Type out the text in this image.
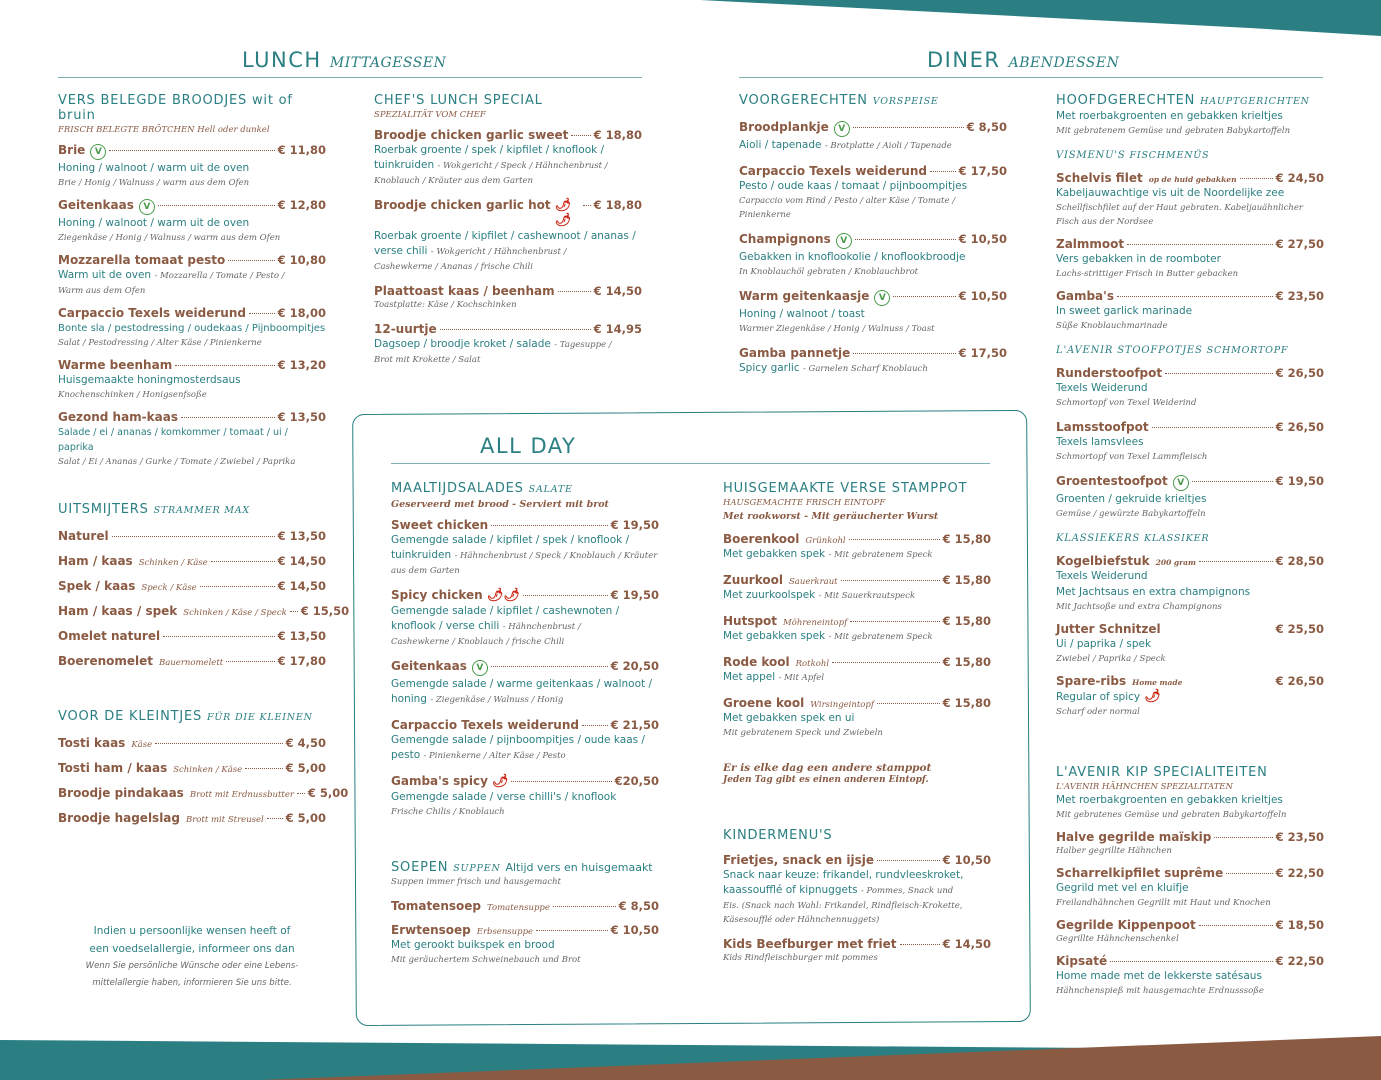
LUNCH MITTAGESSEN	DINER ABENDESSEN
VERS BELEGDE BROODJES wit of bruin
FRISCH BELEGTE BRÖTCHEN Hell oder dunkel
Brie	V	€ 11,80
Honing / walnoot / warm uit de oven
Brie / Honig / Walnuss / warm aus dem Ofen
Geitenkaas	V	€ 12,80
Honing / walnoot / warm uit de oven
Ziegenkäse / Honig / Walnuss / warm aus dem Ofen
Mozzarella tomaat pesto	€ 10,80
Warm uit de oven - Mozzarella / Tomate / Pesto /
Warm aus dem Ofen
Carpaccio Texels weiderund	€ 18,00
Bonte sla / pestodressing / oudekaas / Pijnboompitjes
Salat / Pestodressing / Alter Käse / Pinienkerne
Warme beenham	€ 13,20
Huisgemaakte honingmosterdsaus
Knochenschinken / Honigsenfsoße
Gezond ham-kaas	€ 13,50
Salade / ei / ananas / komkommer / tomaat / ui / paprika
Salat / Ei / Ananas / Gurke / Tomate / Zwiebel / Paprika
UITSMIJTERS STRAMMER MAX
Naturel	€ 13,50
Ham / kaas Schinken / Käse	€ 14,50
Spek / kaas Speck / Käse	€ 14,50
Ham / kaas / spek Schinken / Käse / Speck € 15,50
Omelet naturel	€ 13,50
Boerenomelet Bauernomelett	€ 17,80
VOOR DE KLEINTJES FÜR DIE KLEINEN
Tosti kaas Käse	€ 4,50
Tosti ham / kaas Schinken / Käse	€ 5,00
Broodje pindakaas Brott mit Erdnussbutter € 5,00
Broodje hagelslag Brott mit Streusel € 5,00
Indien u persoonlijke wensen heeft of
een voedselallergie, informeer ons dan
Wenn Sie persönliche Wünsche oder eine Lebens-
mittelallergie haben, informieren Sie uns bitte.
CHEF'S LUNCH SPECIAL
SPEZIALITÄT VOM CHEF
Broodje chicken garlic sweet € 18,80
Roerbak groente / spek / kipfilet / knoflook / tuinkruiden - Wokgericht / Speck / Hähnchenbrust /
Knoblauch / Kräuter aus dem Garten
Broodje chicken garlic hot 🌶🌶
€ 18,80
Roerbak groente / kipfilet / cashewnoot / ananas / verse chili - Wokgericht / Hähnchenbrust /
Cashewkerne / Ananas / frische Chili
Plaattoast kaas / beenham	€ 14,50
Toastplatte: Käse / Kochschinken
12-uurtje	€ 14,95
Dagsoep / broodje kroket / salade - Tagesuppe /
Brot mit Krokette / Salat
ALL DAY
MAALTIJDSALADES SALATE
Geserveerd met brood - Serviert mit brot
Sweet chicken	€ 19,50
Gemengde salade / kipfilet / spek / knoflook / tuinkruiden - Hähnchenbrust / Speck / Knoblauch / Kräuter
aus dem Garten
Spicy chicken 🌶🌶	€ 19,50
Gemengde salade / kipfilet / cashewnoten / knoflook / verse chili - Hähnchenbrust /
Cashewkerne / Knoblauch / frische Chili
Geitenkaas	V	€ 20,50
Gemengde salade / warme geitenkaas / walnoot / honing - Ziegenkäse / Walnuss / Honig
Carpaccio Texels weiderund	€ 21,50
Gemengde salade / pijnboompitjes / oude kaas / pesto - Pinienkerne / Alter Käse / Pesto
Gamba's spicy 🌶	€20,50
Gemengde salade / verse chilli's / knoflook
Frische Chilis / Knoblauch
SOEPEN SUPPEN Altijd vers en huisgemaakt
Suppen immer frisch und hausgemacht
Tomatensoep Tomatensuppe	€ 8,50
Erwtensoep Erbsensuppe	€ 10,50
Met gerookt buikspek en brood
Mit geräuchertem Schweinebauch und Brot
HUISGEMAAKTE VERSE STAMPPOT
HAUSGEMACHTE FRISCH EINTOPF
Met rookworst - Mit geräucherter Wurst
Boerenkool Grünkohl	€ 15,80
Met gebakken spek - Mit gebratenem Speck
Zuurkool Sauerkraut	€ 15,80
Met zuurkoolspek - Mit Sauerkrautspeck
Hutspot Möhreneintopf	€ 15,80
Met gebakken spek - Mit gebratenem Speck
Rode kool Rotkohl	€ 15,80
Met appel - Mit Apfel
Groene kool Wirsingeintopf	€ 15,80
Met gebakken spek en ui
Mit gebratenem Speck und Zwiebeln
Er is elke dag een andere stamppot
Jeden Tag gibt es einen anderen Eintopf.
KINDERMENU'S
Frietjes, snack en ijsje	€ 10,50
Snack naar keuze: frikandel, rundvleeskroket, kaassoufflé of kipnuggets - Pommes, Snack und
Eis. (Snack nach Wahl: Frikandel, Rindfleisch-Krokette, Käsesoufflé oder Hähnchennuggets)
Kids Beefburger met friet	€ 14,50
Kids Rindfleischburger mit pommes
VOORGERECHTEN VORSPEISE
Broodplankje	V	€ 8,50
Aioli / tapenade - Brotplatte / Aioli / Tapenade
Carpaccio Texels weiderund	€ 17,50
Pesto / oude kaas / tomaat / pijnboompitjes
Carpaccio vom Rind / Pesto / alter Käse / Tomate / Pinienkerne
Champignons	V	€ 10,50
Gebakken in knoflookolie / knoflookbroodje
In Knoblauchöl gebraten / Knoblauchbrot
Warm geitenkaasje	V	€ 10,50
Honing / walnoot / toast
Warmer Ziegenkäse / Honig / Walnuss / Toast
Gamba pannetje	€ 17,50
Spicy garlic - Garnelen Scharf Knoblauch
HOOFDGERECHTEN HAUPTGERICHTEN
Met roerbakgroenten en gebakken krieltjes
Mit gebratenem Gemüse und gebraten Babykartoffeln
VISMENU'S FISCHMENÜS
Schelvis filet op de huid gebakken	€ 24,50
Kabeljauwachtige vis uit de Noordelijke zee
Schellfischfilet auf der Haut gebraten. Kabeljauähnlicher Fisch aus der Nordsee
Zalmmoot	€ 27,50
Vers gebakken in de roomboter
Lachs-strittiger Frisch in Butter gebacken
Gamba's	€ 23,50
In sweet garlick marinade
Süße Knoblauchmarinade
L'AVENIR STOOFPOTJES SCHMORTOPF
Runderstoofpot	€ 26,50
Texels Weiderund
Schmortopf von Texel Weiderind
Lamsstoofpot	€ 26,50
Texels lamsvlees
Schmortopf von Texel Lammfleisch
Groentestoofpot	V	€ 19,50
Groenten / gekruide krieltjes
Gemüse / gewürzte Babykartoffeln
KLASSIEKERS KLASSIKER
Kogelbiefstuk 200 gram	€ 28,50
Texels Weiderund
Met Jachtsaus en extra champignons
Mit Jachtsoße und extra Champignons
Jutter Schnitzel	€ 25,50
Ui / paprika / spek
Zwiebel / Paprika / Speck
Spare-ribs Home made	€ 26,50
Regular of spicy 🌶
Scharf oder normal
L'AVENIR KIP SPECIALITEITEN
L'AVENIR HÄHNCHEN SPEZIALITATEN
Met roerbakgroenten en gebakken krieltjes
Mit gebratenes Gemüse und gebraten Babykartoffeln
Halve gegrilde maïskip	€ 23,50
Halber gegrillte Hähnchen
Scharrelkipfilet suprême	€ 22,50
Gegrild met vel en kluifje
Freilandhähnchen Gegrillt mit Haut und Knochen
Gegrilde Kippenpoot	€ 18,50
Gegrillte Hähnchenschenkel
Kipsaté	€ 22,50
Home made met de lekkerste satésaus
Hähnchenspieß mit hausgemachte Erdnusssoße
